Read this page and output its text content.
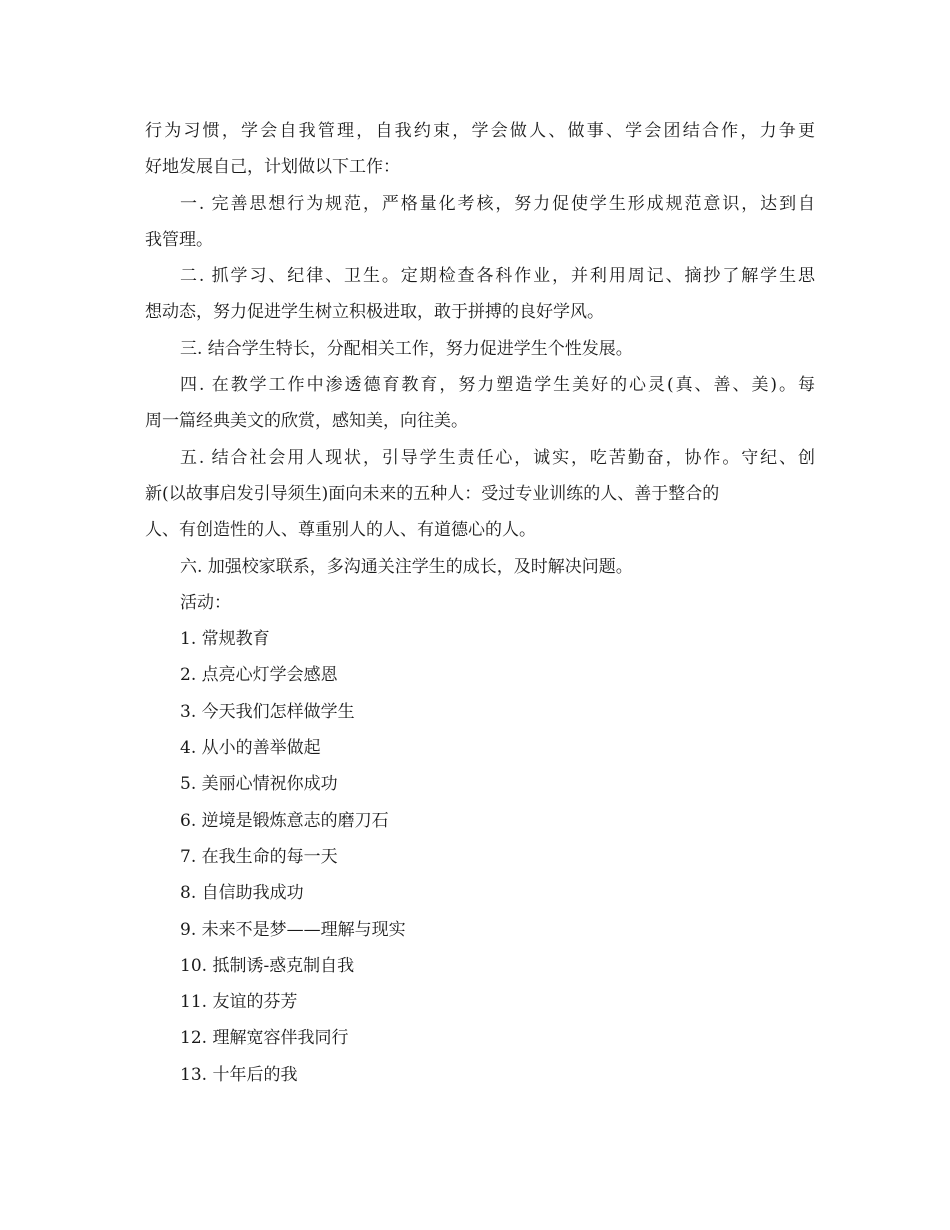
行为习惯，学会自我管理，自我约束，学会做人、做事、学会团结合作，力争更
好地发展自己，计划做以下工作：
一. 完善思想行为规范，严格量化考核，努力促使学生形成规范意识，达到自
我管理。
二. 抓学习、纪律、卫生。定期检查各科作业，并利用周记、摘抄了解学生思
想动态，努力促进学生树立积极进取，敢于拼搏的良好学风。
三. 结合学生特长，分配相关工作，努力促进学生个性发展。
四. 在教学工作中渗透德育教育，努力塑造学生美好的心灵(真、善、美)。每
周一篇经典美文的欣赏，感知美，向往美。
五. 结合社会用人现状，引导学生责任心，诚实，吃苦勤奋，协作。守纪、创
新(以故事启发引导须生)面向未来的五种人：受过专业训练的人、善于整合的
人、有创造性的人、尊重别人的人、有道德心的人。
六. 加强校家联系，多沟通关注学生的成长，及时解决问题。
活动：
1. 常规教育
2. 点亮心灯学会感恩
3. 今天我们怎样做学生
4. 从小的善举做起
5. 美丽心情祝你成功
6. 逆境是锻炼意志的磨刀石
7. 在我生命的每一天
8. 自信助我成功
9. 未来不是梦——理解与现实
10. 抵制诱-惑克制自我
11. 友谊的芬芳
12. 理解宽容伴我同行
13. 十年后的我
